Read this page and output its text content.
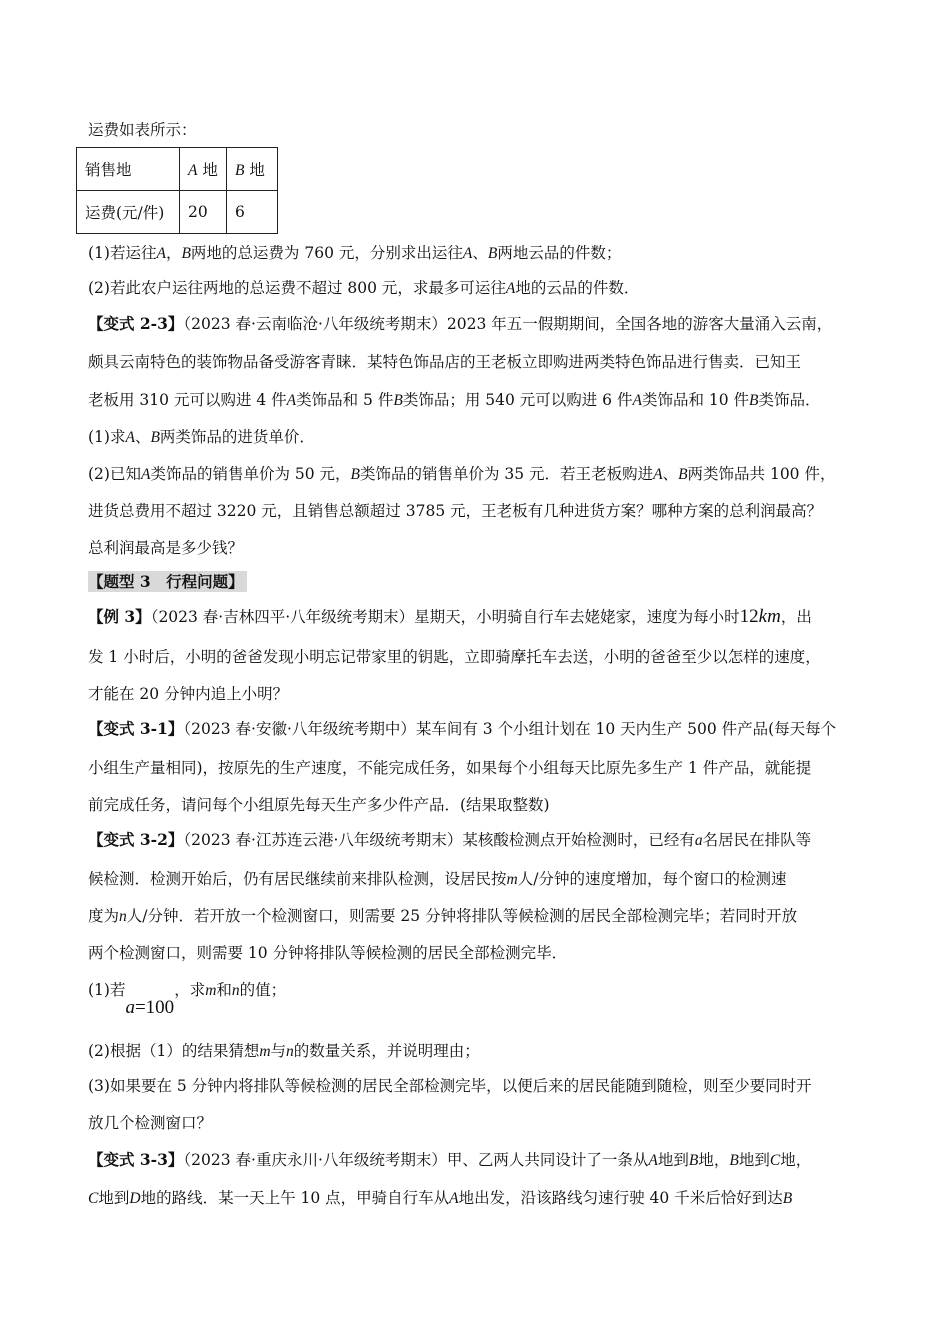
运费如表所示：
(1)若运往A，B两地的总运费为 760 元，分别求出运往A、B两地云品的件数；
(2)若此农户运往两地的总运费不超过 800 元，求最多可运往A地的云品的件数．
【变式 2-3】（2023 春·云南临沧·八年级统考期末）2023 年五一假期期间，全国各地的游客大量涌入云南，
颇具云南特色的装饰物品备受游客青睐．某特色饰品店的王老板立即购进两类特色饰品进行售卖．已知王
老板用 310 元可以购进 4 件A类饰品和 5 件B类饰品；用 540 元可以购进 6 件A类饰品和 10 件B类饰品．
(1)求A、B两类饰品的进货单价．
(2)已知A类饰品的销售单价为 50 元，B类饰品的销售单价为 35 元．若王老板购进A、B两类饰品共 100 件，
进货总费用不超过 3220 元，且销售总额超过 3785 元，王老板有几种进货方案？哪种方案的总利润最高？
总利润最高是多少钱？
【题型 3　行程问题】
【例 3】（2023 春·吉林四平·八年级统考期末）星期天，小明骑自行车去姥姥家，速度为每小时12km，出
发 1 小时后，小明的爸爸发现小明忘记带家里的钥匙，立即骑摩托车去送，小明的爸爸至少以怎样的速度，
才能在 20 分钟内追上小明？
【变式 3-1】（2023 春·安徽·八年级统考期中）某车间有 3 个小组计划在 10 天内生产 500 件产品(每天每个
小组生产量相同)，按原先的生产速度，不能完成任务，如果每个小组每天比原先多生产 1 件产品，就能提
前完成任务，请问每个小组原先每天生产多少件产品．(结果取整数)
【变式 3-2】（2023 春·江苏连云港·八年级统考期末）某核酸检测点开始检测时，已经有a名居民在排队等
候检测．检测开始后，仍有居民继续前来排队检测，设居民按m人/分钟的速度增加，每个窗口的检测速
度为n人/分钟．若开放一个检测窗口，则需要 25 分钟将排队等候检测的居民全部检测完毕；若同时开放
两个检测窗口，则需要 10 分钟将排队等候检测的居民全部检测完毕．
(1)若a=100，求m和n的值；
(2)根据（1）的结果猜想m与n的数量关系，并说明理由；
(3)如果要在 5 分钟内将排队等候检测的居民全部检测完毕，以便后来的居民能随到随检，则至少要同时开
放几个检测窗口？
【变式 3-3】（2023 春·重庆永川·八年级统考期末）甲、乙两人共同设计了一条从A地到B地，B地到C地，
C地到D地的路线．某一天上午 10 点，甲骑自行车从A地出发，沿该路线匀速行驶 40 千米后恰好到达B
销售地	A 地	B 地
运费(元/件)	20	6
